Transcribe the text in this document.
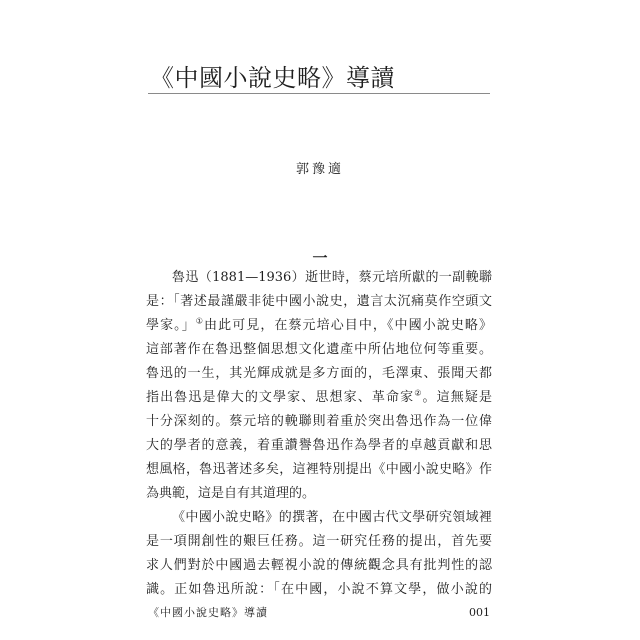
《中國小說史略》導讀
郭豫適
一
魯迅（1881—1936）逝世時，蔡元培所獻的一副輓聯
是：「著述最謹嚴非徒中國小說史，遺言太沉痛莫作空頭文
學家。」①由此可見，在蔡元培心目中，《中國小說史略》
這部著作在魯迅整個思想文化遺產中所佔地位何等重要。
魯迅的一生，其光輝成就是多方面的，毛澤東、張聞天都
指出魯迅是偉大的文學家、思想家、革命家②。這無疑是
十分深刻的。蔡元培的輓聯則着重於突出魯迅作為一位偉
大的學者的意義，着重讚譽魯迅作為學者的卓越貢獻和思
想風格，魯迅著述多矣，這裡特別提出《中國小說史略》作
為典範，這是自有其道理的。
《中國小說史略》的撰著，在中國古代文學研究領域裡
是一項開創性的艱巨任務。這一研究任務的提出，首先要
求人們對於中國過去輕視小說的傳統觀念具有批判性的認
識。正如魯迅所說：「在中國，小說不算文學，做小說的
《中國小說史略》導讀	001
